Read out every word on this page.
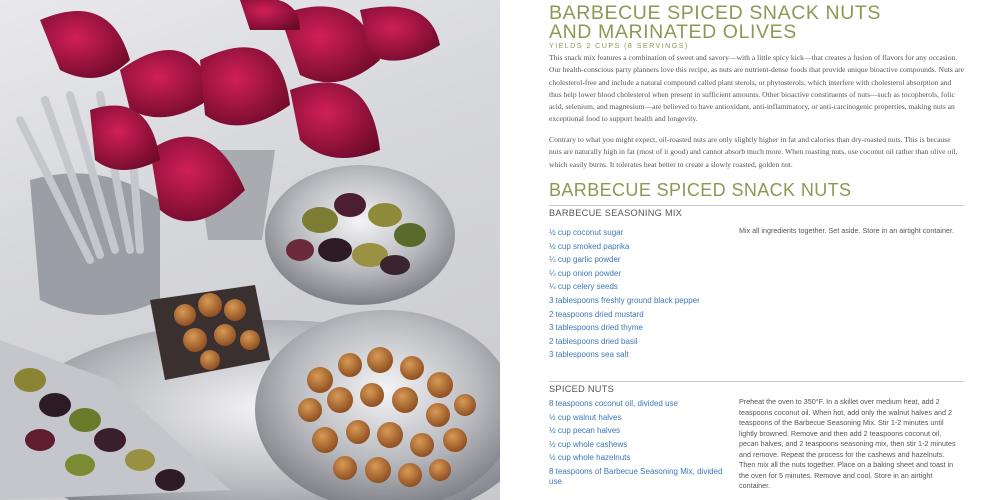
BARBECUE SPICED SNACK NUTS
AND MARINATED OLIVES
YIELDS 2 CUPS (8 SERVINGS)

This snack mix features a combination of sweet and savory—with a little spicy kick—that creates a fusion of flavors for any occasion. Our health-conscious party planners love this recipe, as nuts are nutrient-dense foods that provide unique bioactive compounds. Nuts are cholesterol-free and include a natural compound called plant sterols, or phytosterols, which interfere with cholesterol absorption and thus help lower blood cholesterol when present in sufficient amounts. Other bioactive constituents of nuts—such as tocopherols, folic acid, selenium, and magnesium—are believed to have antioxidant, anti-inflammatory, or anti-carcinogenic properties, making nuts an exceptional food to support health and longevity.

Contrary to what you might expect, oil-roasted nuts are only slightly higher in fat and calories than dry-roasted nuts. This is because nuts are naturally high in fat (most of it good) and cannot absorb much more. When roasting nuts, use coconut oil rather than olive oil, which easily burns. It tolerates heat better to create a slowly roasted, golden nut.

BARBECUE SPICED SNACK NUTS
BARBECUE SEASONING MIX
½ cup coconut sugar
½ cup smoked paprika
¼ cup garlic powder
¼ cup onion powder
¼ cup celery seeds
3 tablespoons freshly ground black pepper
2 teaspoons dried mustard
3 tablespoons dried thyme
2 tablespoons dried basil
3 tablespoons sea salt

Mix all ingredients together. Set aside. Store in an airtight container.

SPICED NUTS
8 teaspoons coconut oil, divided use
½ cup walnut halves
½ cup pecan halves
½ cup whole cashews
½ cup whole hazelnuts
8 teaspoons of Barbecue Seasoning Mix, divided use

Preheat the oven to 350°F. In a skillet over medium heat, add 2 teaspoons coconut oil. When hot, add only the walnut halves and 2 teaspoons of the Barbecue Seasoning Mix. Stir 1-2 minutes until lightly browned. Remove and then add 2 teaspoons coconut oil, pecan halves, and 2 teaspoons seasoning mix, then stir 1-2 minutes and remove. Repeat the process for the cashews and hazelnuts. Then mix all the nuts together. Place on a baking sheet and toast in the oven for 5 minutes. Remove and cool. Store in an airtight container.
